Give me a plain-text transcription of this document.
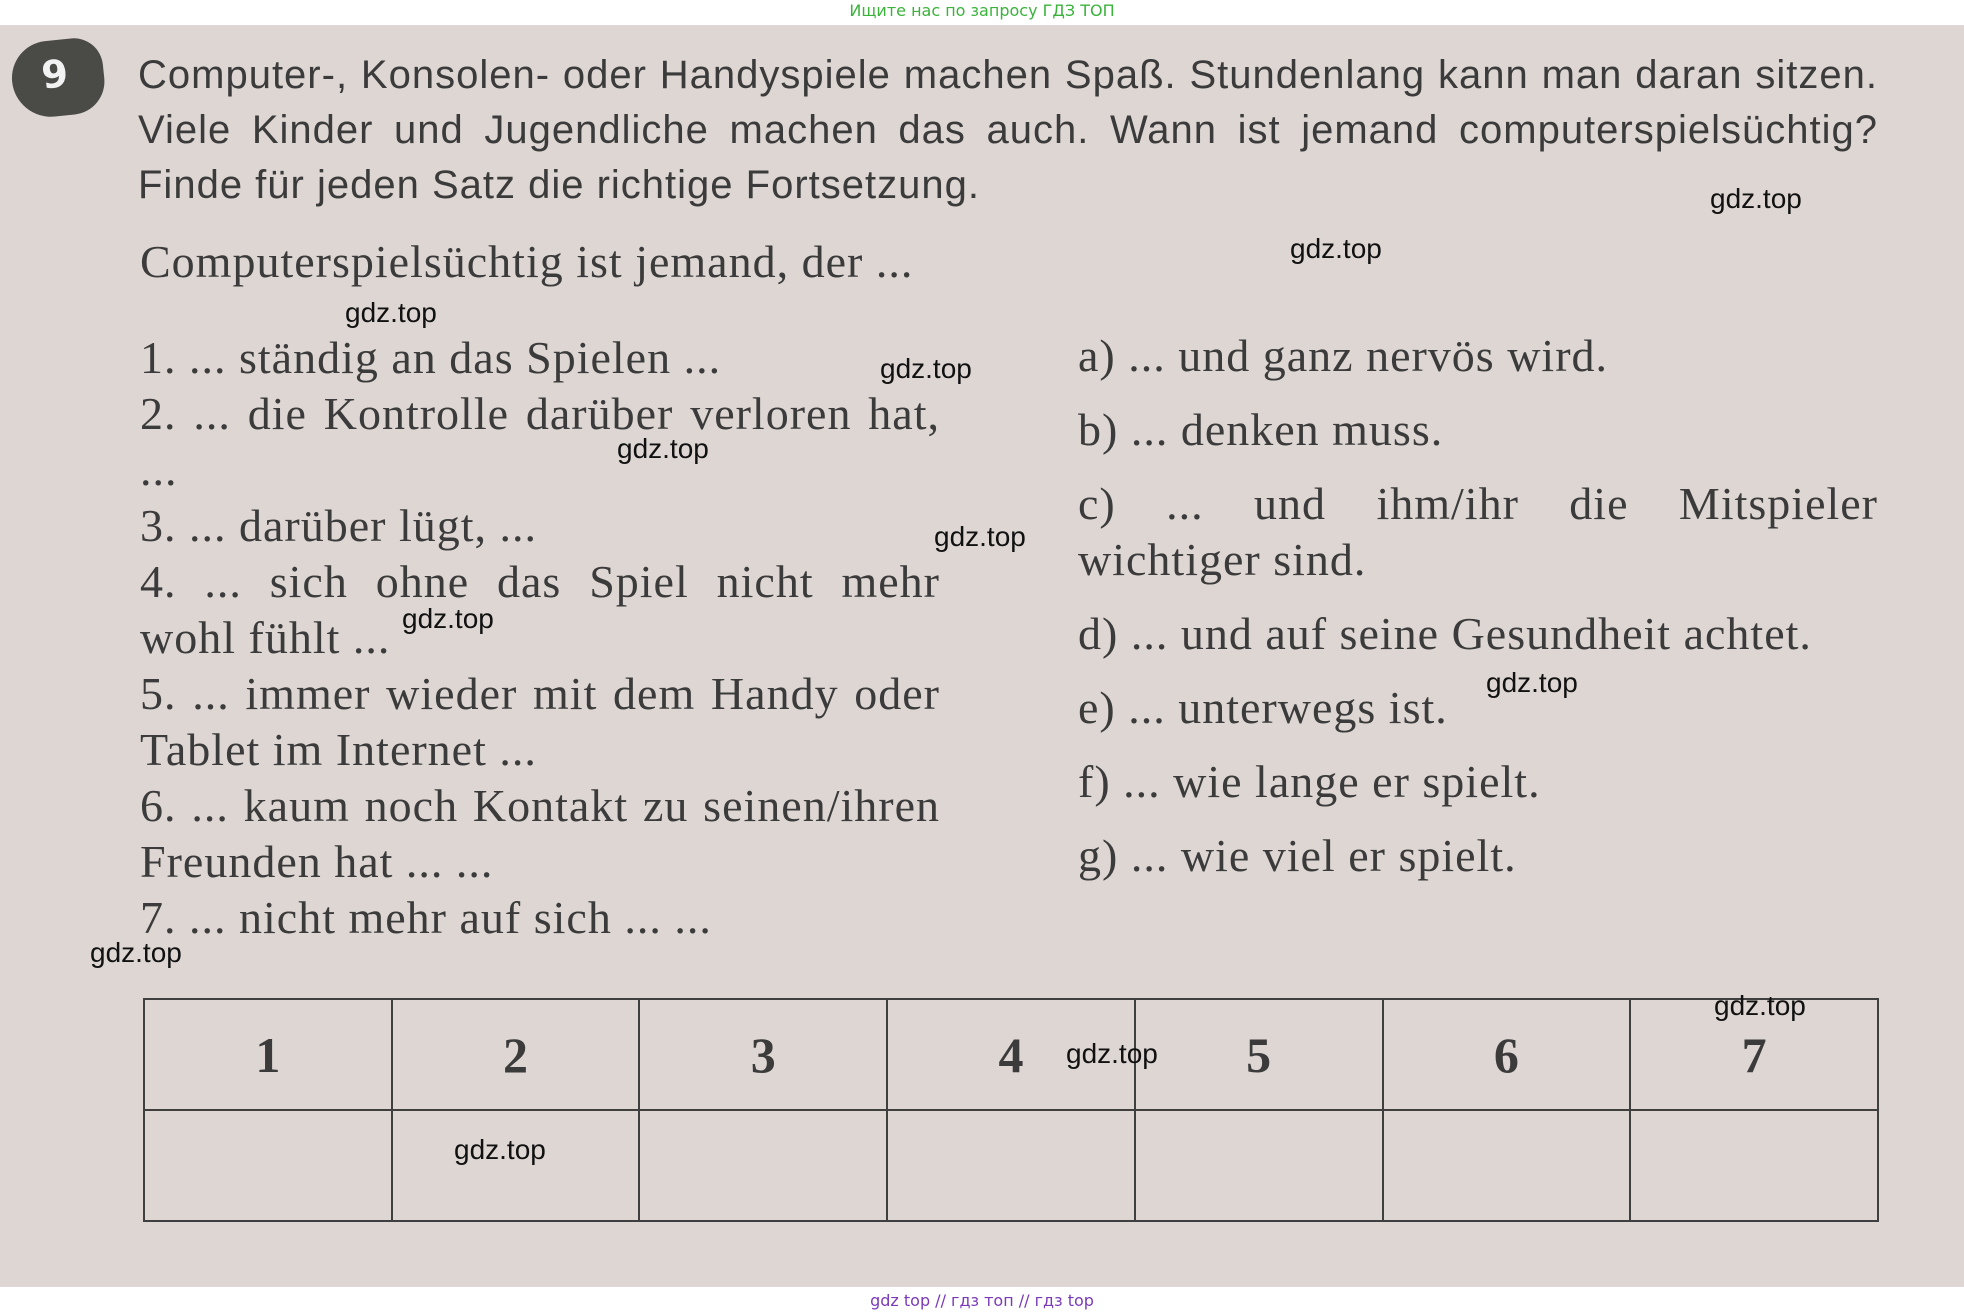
Ищите нас по запросу ГДЗ ТОП
9 Computer-, Konsolen- oder Handyspiele machen Spaß. Stundenlang kann man daran sitzen. Viele Kinder und Jugendliche machen das auch. Wann ist jemand computerspielsüchtig? Finde für jeden Satz die richtige Fortsetzung.
Computerspielsüchtig ist jemand, der ...

1. ... ständig an das Spielen ...

2. ... die Kontrolle darüber verloren hat, ...

3. ... darüber lügt, ...

4. ... sich ohne das Spiel nicht mehr wohl fühlt ...

5. ... immer wieder mit dem Handy oder Tablet im Internet ...

6. ... kaum noch Kontakt zu seinen/ihren Freunden hat ... ...

7. ... nicht mehr auf sich ... ...

a) ... und ganz nervös wird.

b) ... denken muss.

c) ... und ihm/ihr die Mitspieler wichtiger sind.

d) ... und auf seine Gesundheit achtet.

e) ... unterwegs ist.

f) ... wie lange er spielt.

g) ... wie viel er spielt.

1	2	3	4	5	6	7

gdz.top
gdz.top
gdz.top
gdz.top
gdz.top
gdz.top
gdz.top
gdz.top
gdz.top
gdz.top
gdz.top
gdz.top
gdz top // гдз топ // гдз top
